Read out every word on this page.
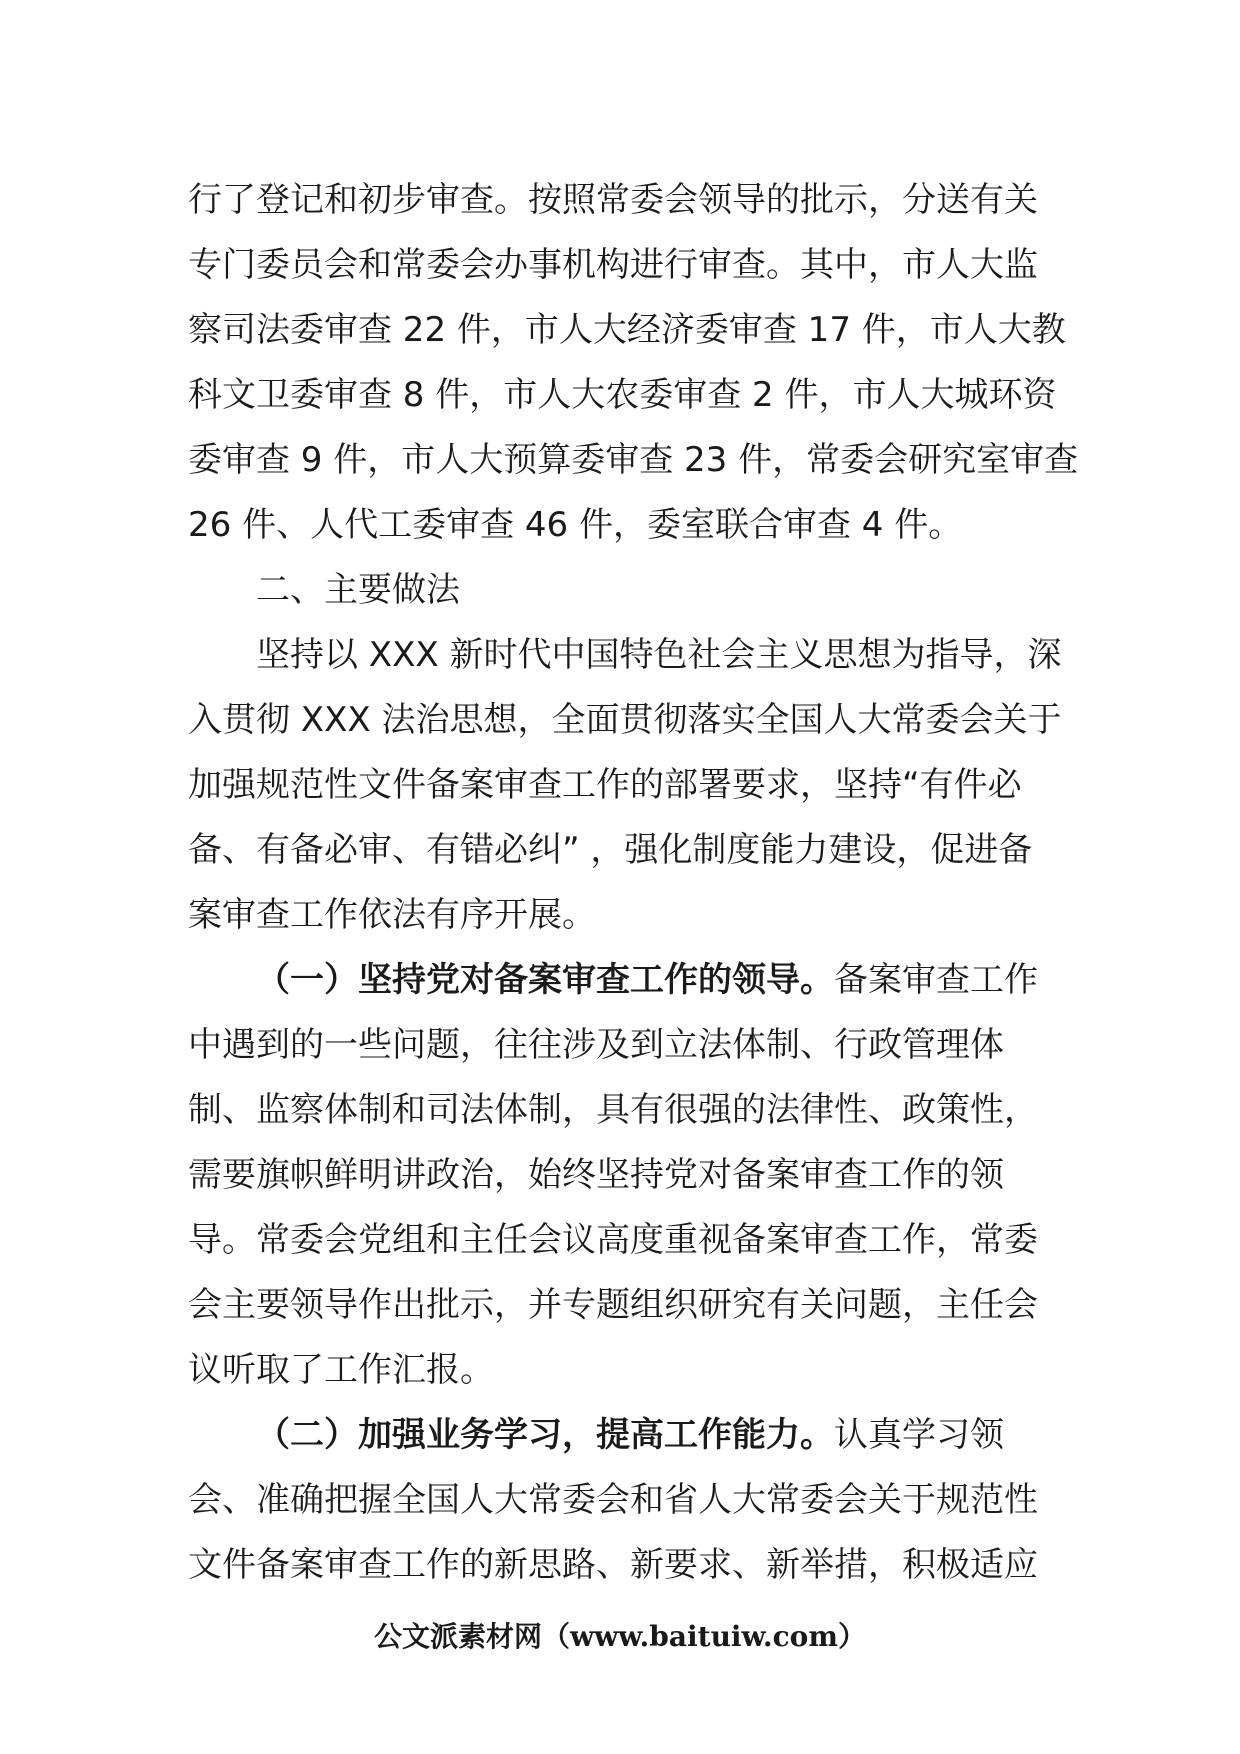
行了登记和初步审查。按照常委会领导的批示，分送有关
专门委员会和常委会办事机构进行审查。其中，市人大监
察司法委审查 22 件，市人大经济委审查 17 件，市人大教
科文卫委审查 8 件，市人大农委审查 2 件，市人大城环资
委审查 9 件，市人大预算委审查 23 件，常委会研究室审查
26 件、人代工委审查 46 件，委室联合审查 4 件。
二、主要做法
坚持以 XXX 新时代中国特色社会主义思想为指导，深
入贯彻 XXX 法治思想，全面贯彻落实全国人大常委会关于
加强规范性文件备案审查工作的部署要求，坚持“有件必
备、有备必审、有错必纠” ，强化制度能力建设，促进备
案审查工作依法有序开展。
（一）坚持党对备案审查工作的领导。备案审查工作
中遇到的一些问题，往往涉及到立法体制、行政管理体
制、监察体制和司法体制，具有很强的法律性、政策性，
需要旗帜鲜明讲政治，始终坚持党对备案审查工作的领
导。常委会党组和主任会议高度重视备案审查工作，常委
会主要领导作出批示，并专题组织研究有关问题，主任会
议听取了工作汇报。
（二）加强业务学习，提高工作能力。认真学习领
会、准确把握全国人大常委会和省人大常委会关于规范性
文件备案审查工作的新思路、新要求、新举措，积极适应
公文派素材网（www.baituiw.com）
